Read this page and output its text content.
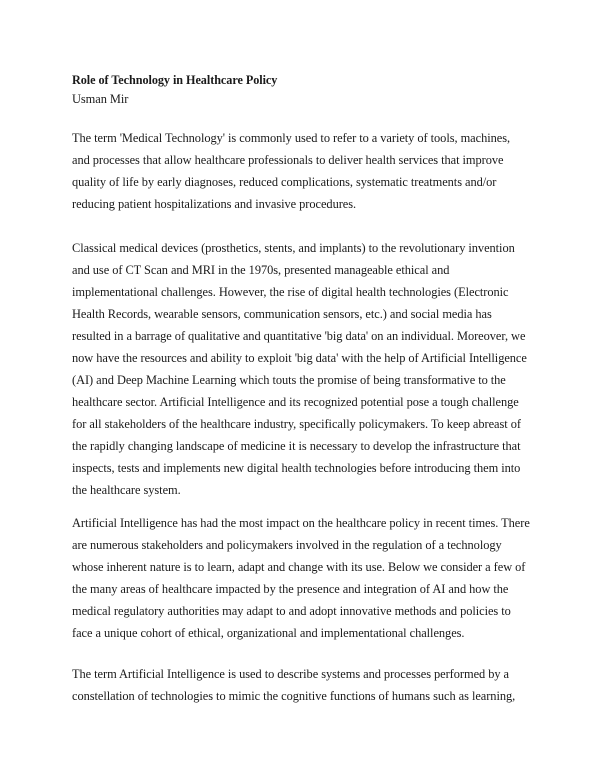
Role of Technology in Healthcare Policy

Usman Mir

The term 'Medical Technology' is commonly used to refer to a variety of tools, machines,
and processes that allow healthcare professionals to deliver health services that improve
quality of life by early diagnoses, reduced complications, systematic treatments and/or
reducing patient hospitalizations and invasive procedures.
Classical medical devices (prosthetics, stents, and implants) to the revolutionary invention
and use of CT Scan and MRI in the 1970s, presented manageable ethical and
implementational challenges. However, the rise of digital health technologies (Electronic
Health Records, wearable sensors, communication sensors, etc.) and social media has
resulted in a barrage of qualitative and quantitative 'big data' on an individual. Moreover, we
now have the resources and ability to exploit 'big data' with the help of Artificial Intelligence
(AI) and Deep Machine Learning which touts the promise of being transformative to the
healthcare sector. Artificial Intelligence and its recognized potential pose a tough challenge
for all stakeholders of the healthcare industry, specifically policymakers. To keep abreast of
the rapidly changing landscape of medicine it is necessary to develop the infrastructure that
inspects, tests and implements new digital health technologies before introducing them into
the healthcare system.
Artificial Intelligence has had the most impact on the healthcare policy in recent times. There
are numerous stakeholders and policymakers involved in the regulation of a technology
whose inherent nature is to learn, adapt and change with its use. Below we consider a few of
the many areas of healthcare impacted by the presence and integration of AI and how the
medical regulatory authorities may adapt to and adopt innovative methods and policies to
face a unique cohort of ethical, organizational and implementational challenges.
The term Artificial Intelligence is used to describe systems and processes performed by a
constellation of technologies to mimic the cognitive functions of humans such as learning,
